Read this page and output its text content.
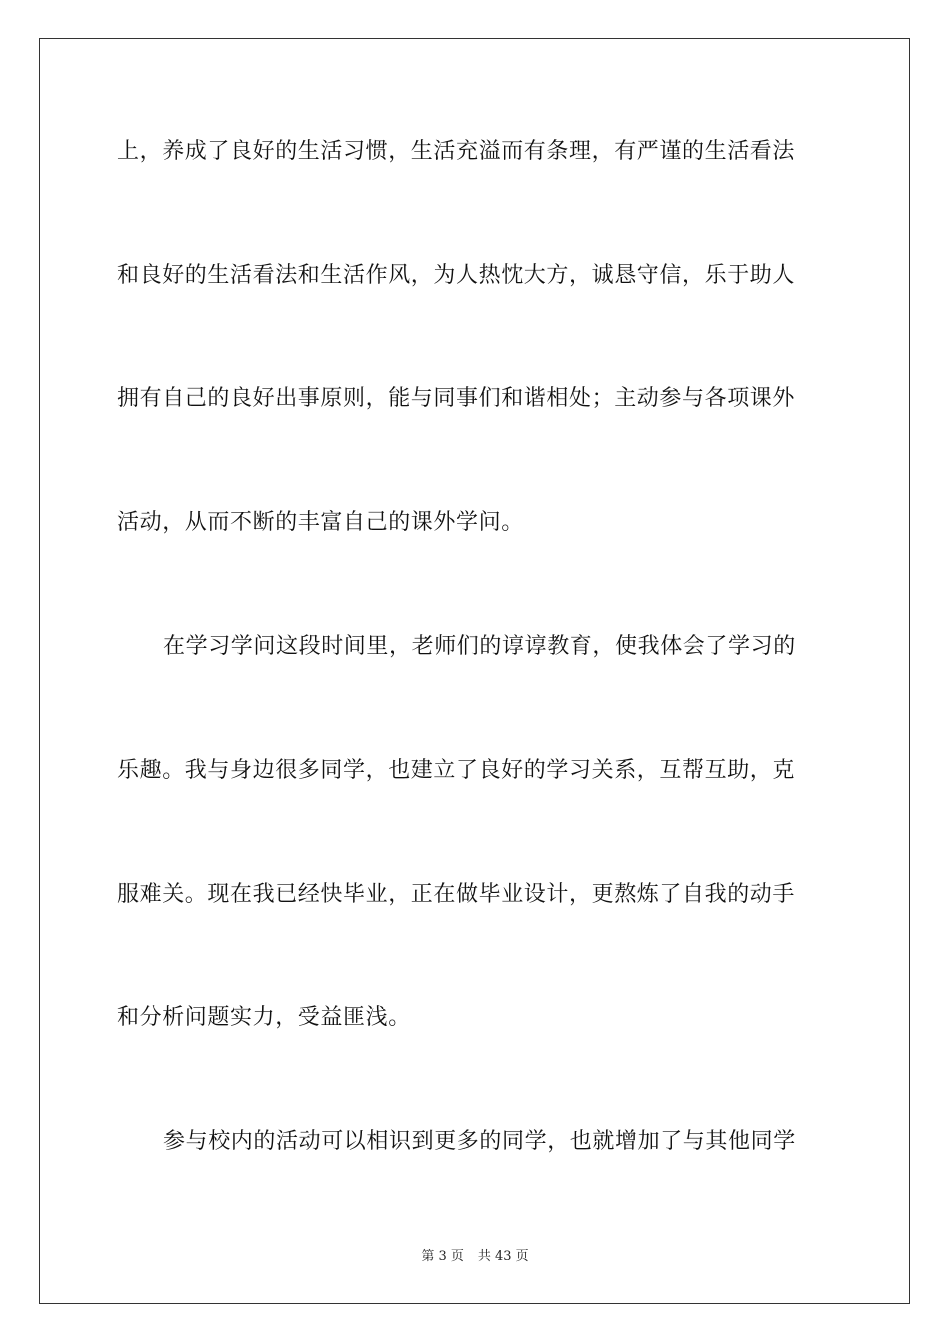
上，养成了良好的生活习惯，生活充溢而有条理，有严谨的生活看法
和良好的生活看法和生活作风，为人热忱大方，诚恳守信，乐于助人
拥有自己的良好出事原则，能与同事们和谐相处；主动参与各项课外
活动，从而不断的丰富自己的课外学问。
在学习学问这段时间里，老师们的谆谆教育，使我体会了学习的
乐趣。我与身边很多同学，也建立了良好的学习关系，互帮互助，克
服难关。现在我已经快毕业，正在做毕业设计，更熬炼了自我的动手
和分析问题实力，受益匪浅。
参与校内的活动可以相识到更多的同学，也就增加了与其他同学
第 3 页 共 43 页
